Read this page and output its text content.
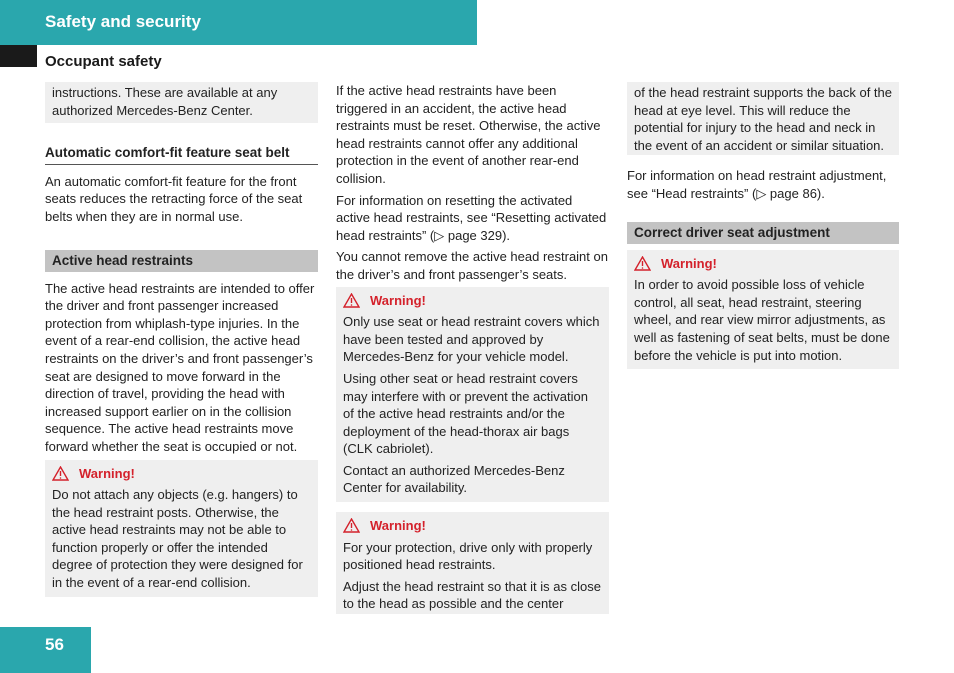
Safety and security
Occupant safety

instructions. These are available at any authorized Mercedes-Benz Center.

Automatic comfort-fit feature seat belt

An automatic comfort-fit feature for the front seats reduces the retracting force of the seat belts when they are in normal use.

Active head restraints

The active head restraints are intended to offer the driver and front passenger increased protection from whiplash-type injuries. In the event of a rear-end collision, the active head restraints on the driver’s and front passenger’s seat are designed to move forward in the direction of travel, providing the head with increased support earlier on in the collision sequence. The active head restraints move forward whether the seat is occupied or not.

Warning!

Do not attach any objects (e.g. hangers) to the head restraint posts. Otherwise, the active head restraints may not be able to function properly or offer the intended degree of protection they were designed for in the event of a rear-end collision.

If the active head restraints have been triggered in an accident, the active head restraints must be reset. Otherwise, the active head restraints cannot offer any additional protection in the event of another rear-end collision.

For information on resetting the activated active head restraints, see “Resetting activated head restraints” (▷ page 329).

You cannot remove the active head restraint on the driver’s and front passenger’s seats.

Warning!

Only use seat or head restraint covers which have been tested and approved by Mercedes-Benz for your vehicle model.

Using other seat or head restraint covers may interfere with or prevent the activation of the active head restraints and/or the deployment of the head-thorax air bags (CLK cabriolet).

Contact an authorized Mercedes-Benz Center for availability.

Warning!

For your protection, drive only with properly positioned head restraints.

Adjust the head restraint so that it is as close to the head as possible and the center

of the head restraint supports the back of the head at eye level. This will reduce the potential for injury to the head and neck in the event of an accident or similar situation.

For information on head restraint adjustment, see “Head restraints” (▷ page 86).

Correct driver seat adjustment
Warning!

In order to avoid possible loss of vehicle control, all seat, head restraint, steering wheel, and rear view mirror adjustments, as well as fastening of seat belts, must be done before the vehicle is put into motion.

56
